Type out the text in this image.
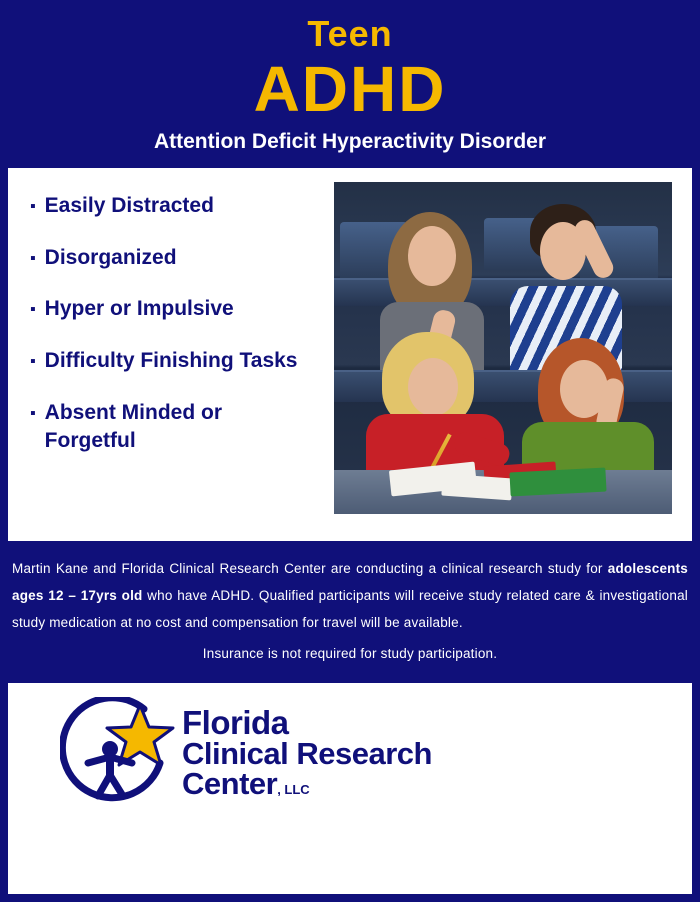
Teen
ADHD
Attention Deficit Hyperactivity Disorder
▪ Easily Distracted
▪ Disorganized
▪ Hyper or Impulsive
▪ Difficulty Finishing Tasks
▪ Absent Minded or Forgetful

Martin Kane and Florida Clinical Research Center are conducting a clinical research study for adolescents ages 12 – 17yrs old who have ADHD. Qualified participants will receive study related care & investigational study medication at no cost and compensation for travel will be available.

Insurance is not required for study participation.

Florida
Clinical Research
Center, LLC
